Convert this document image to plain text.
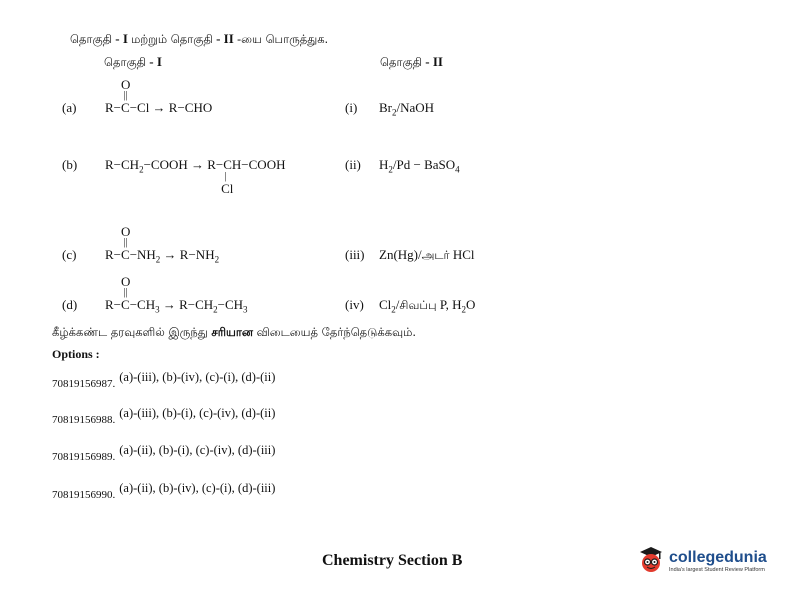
தொகுதி - I மற்றும் தொகுதி - II -யை பொருத்துக.
தொகுதி - I	தொகுதி - II
(a) R−
O
||
C−Cl → R−CHO
(b) $R-CH_2-COOH \to R-CH$
|
Cl
−COOH
(c) R−
O
||
$C-NH_2 \to R-NH_2$
(d) R−
O
||
$C-CH_3 \to R-CH_2-CH_3$
(i) $Br_2$/NaOH
(ii) $H_2/Pd$ − BaSO$_4$
(iii) Zn(Hg)/அடர் HCl
(iv) $Cl_2/சிவப்பு$ P, $H_2O$
கீழ்க்கண்ட தரவுகளில் இருந்து சரியான விடையைத் தேர்ந்தெடுக்கவும்.
Options :
$_{70819156987.}$ (a)-(iii), (b)-(iv), (c)-(i), (d)-(ii)
$_{70819156988.}$ (a)-(iii), (b)-(i), (c)-(iv), (d)-(ii)
$_{70819156989.}$ (a)-(ii), (b)-(i), (c)-(iv), (d)-(iii)
$_{70819156990.}$ (a)-(ii), (b)-(iv), (c)-(i), (d)-(iii)
Chemistry Section B	collegedunia
India's largest Student Review Platform
